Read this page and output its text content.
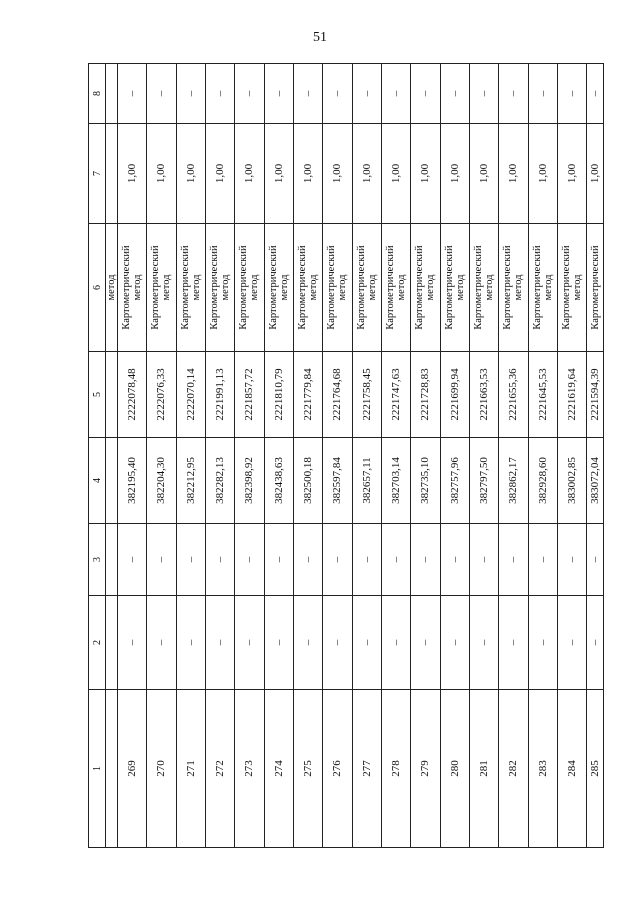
51
1	2	3	4	5	6	7	8

					метод		

269	–	–	382195,40	2222078,48	Картометрический метод	1,00	–
270	–	–	382204,30	2222076,33	Картометрический метод	1,00	–
271	–	–	382212,95	2222070,14	Картометрический метод	1,00	–
272	–	–	382282,13	2221991,13	Картометрический метод	1,00	–
273	–	–	382398,92	2221857,72	Картометрический метод	1,00	–
274	–	–	382438,63	2221810,79	Картометрический метод	1,00	–
275	–	–	382500,18	2221779,84	Картометрический метод	1,00	–
276	–	–	382597,84	2221764,68	Картометрический метод	1,00	–
277	–	–	382657,11	2221758,45	Картометрический метод	1,00	–
278	–	–	382703,14	2221747,63	Картометрический метод	1,00	–
279	–	–	382735,10	2221728,83	Картометрический метод	1,00	–
280	–	–	382757,96	2221699,94	Картометрический метод	1,00	–
281	–	–	382797,50	2221663,53	Картометрический метод	1,00	–
282	–	–	382862,17	2221655,36	Картометрический метод	1,00	–
283	–	–	382928,60	2221645,53	Картометрический метод	1,00	–
284	–	–	383002,85	2221619,64	Картометрический метод	1,00	–
285	–	–	383072,04	2221594,39	Картометрический	1,00	–
